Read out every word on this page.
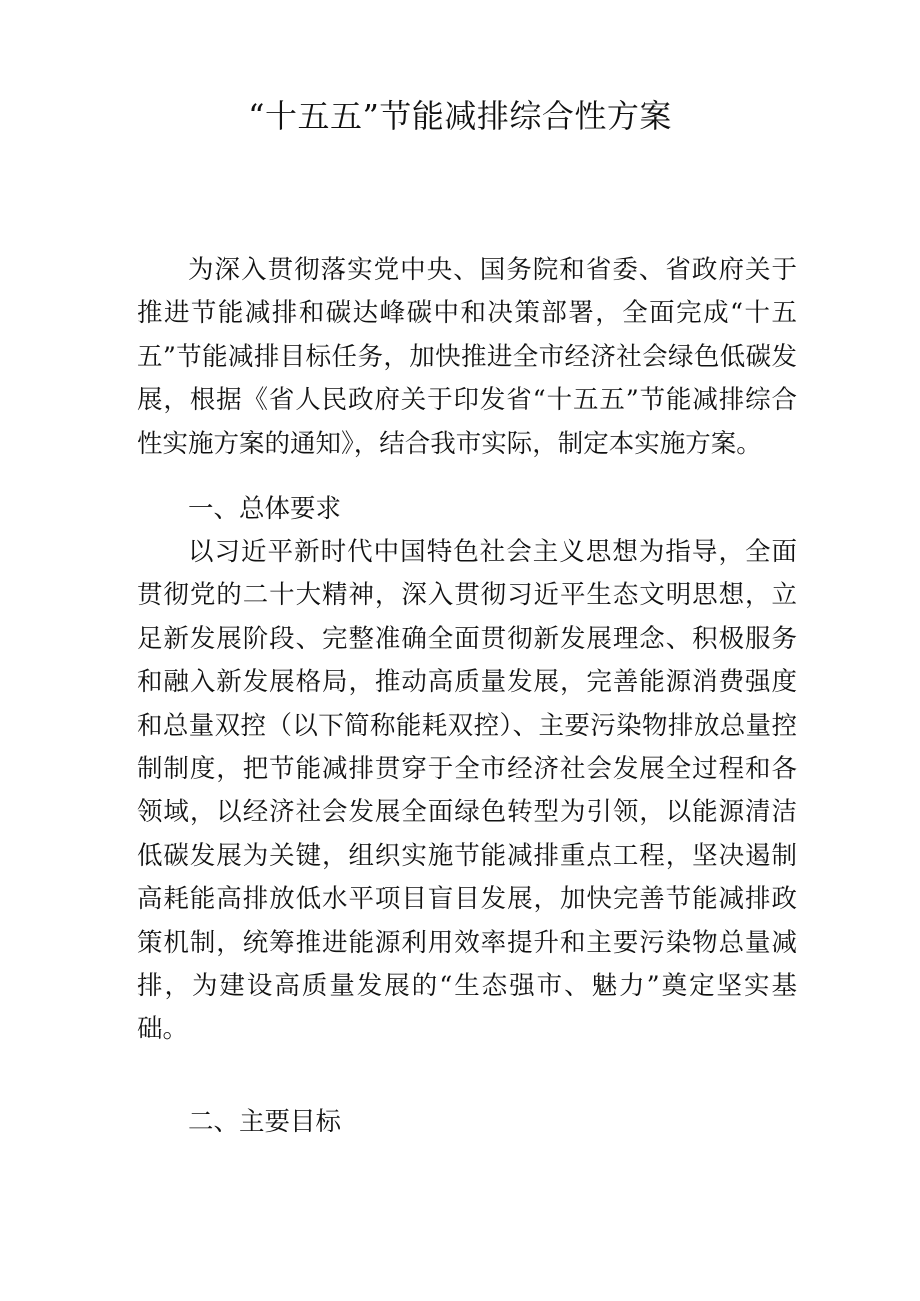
“十五五”节能减排综合性方案

为深入贯彻落实党中央、国务院和省委、省政府关于推进节能减排和碳达峰碳中和决策部署，全面完成“十五五”节能减排目标任务，加快推进全市经济社会绿色低碳发展，根据《省人民政府关于印发省“十五五”节能减排综合性实施方案的通知》，结合我市实际，制定本实施方案。

一、总体要求

以习近平新时代中国特色社会主义思想为指导，全面贯彻党的二十大精神，深入贯彻习近平生态文明思想，立足新发展阶段、完整准确全面贯彻新发展理念、积极服务和融入新发展格局，推动高质量发展，完善能源消费强度和总量双控（以下简称能耗双控）、主要污染物排放总量控制制度，把节能减排贯穿于全市经济社会发展全过程和各领域，以经济社会发展全面绿色转型为引领，以能源清洁低碳发展为关键，组织实施节能减排重点工程，坚决遏制高耗能高排放低水平项目盲目发展，加快完善节能减排政策机制，统筹推进能源利用效率提升和主要污染物总量减排，为建设高质量发展的“生态强市、魅力”奠定坚实基础。

二、主要目标
